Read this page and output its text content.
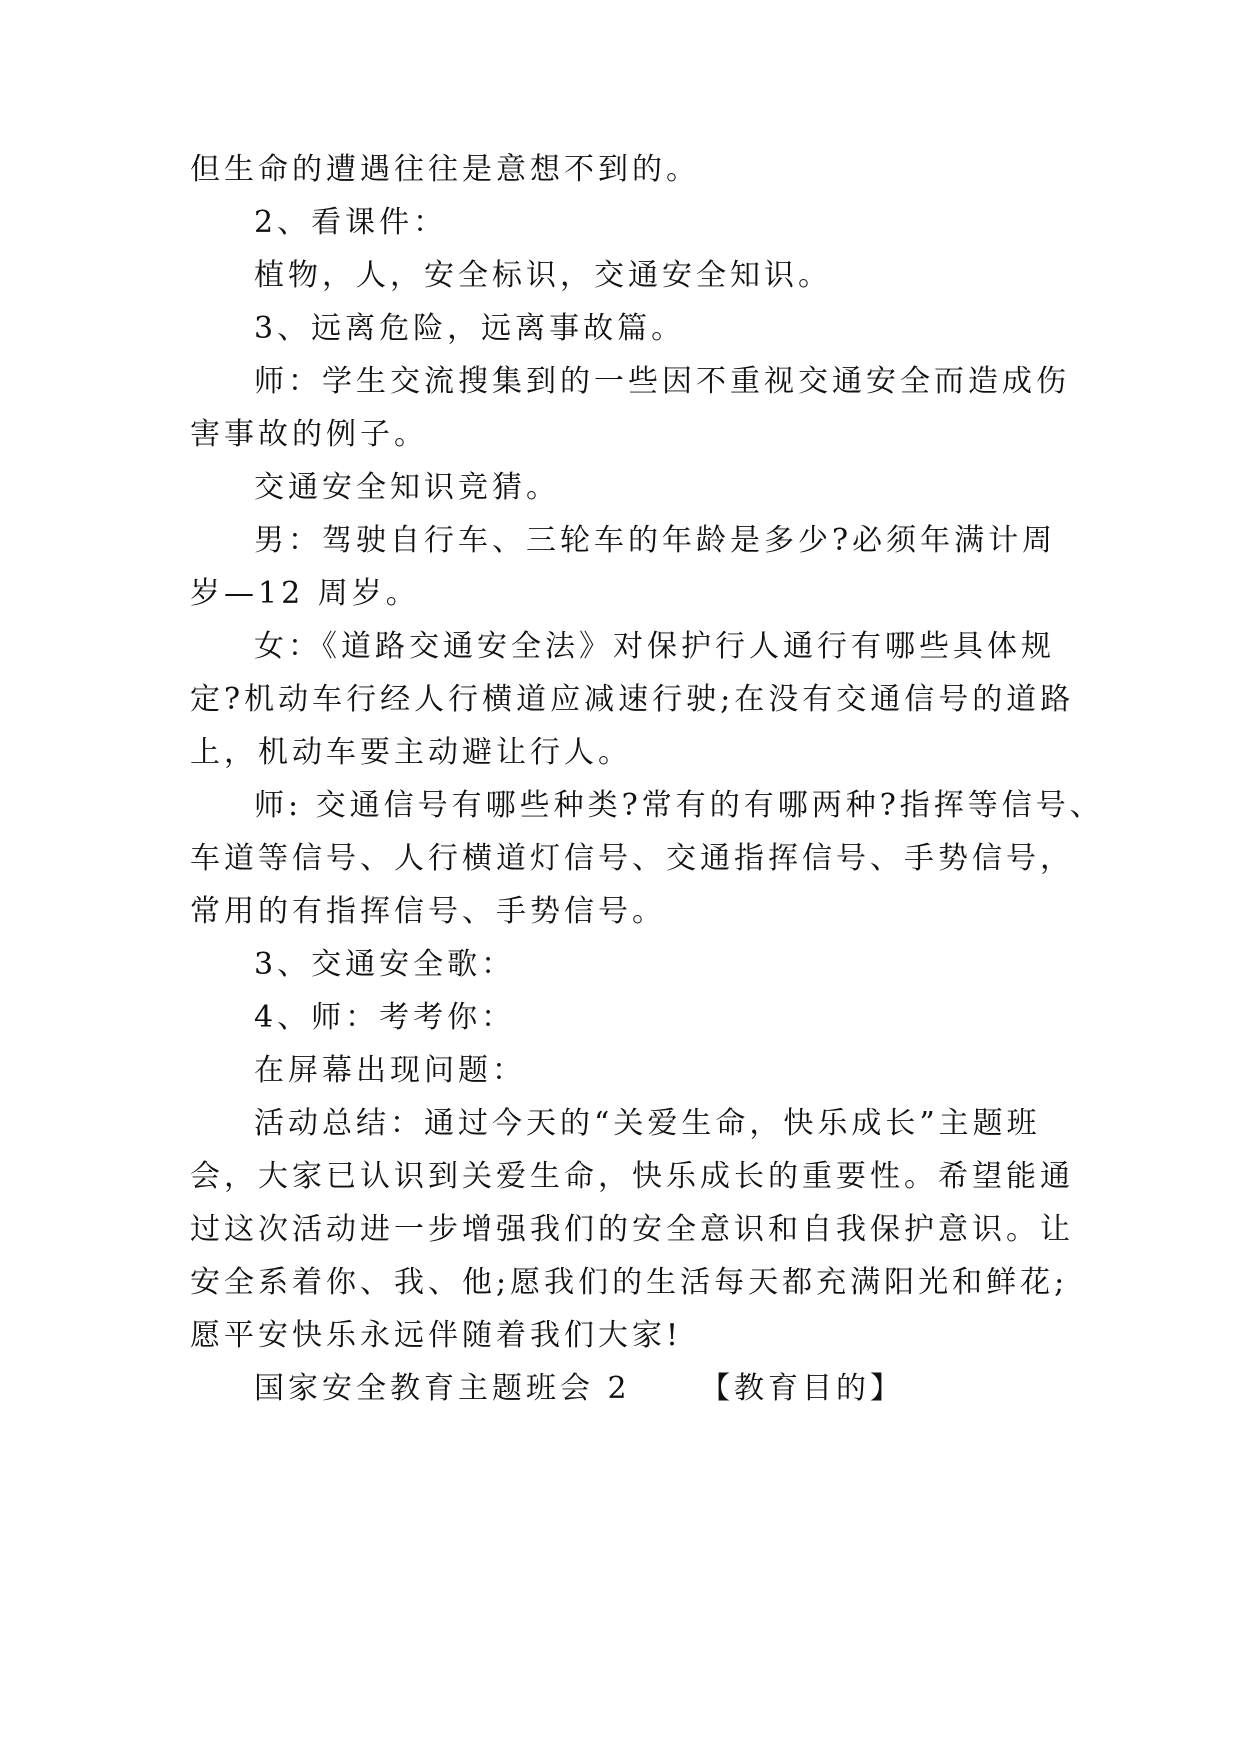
但生命的遭遇往往是意想不到的。
2、看课件：
植物，人，安全标识，交通安全知识。
3、远离危险，远离事故篇。
师：学生交流搜集到的一些因不重视交通安全而造成伤
害事故的例子。
交通安全知识竞猜。
男：驾驶自行车、三轮车的年龄是多少?必须年满计周
岁—12 周岁。
女：《道路交通安全法》对保护行人通行有哪些具体规
定?机动车行经人行横道应减速行驶;在没有交通信号的道路
上，机动车要主动避让行人。
师: 交通信号有哪些种类?常有的有哪两种?指挥等信号、
车道等信号、人行横道灯信号、交通指挥信号、手势信号，
常用的有指挥信号、手势信号。
3、交通安全歌：
4、师：考考你：
在屏幕出现问题：
活动总结：通过今天的“关爱生命，快乐成长”主题班
会，大家已认识到关爱生命，快乐成长的重要性。希望能通
过这次活动进一步增强我们的安全意识和自我保护意识。让
安全系着你、我、他;愿我们的生活每天都充满阳光和鲜花;
愿平安快乐永远伴随着我们大家!
国家安全教育主题班会 2 【教育目的】
